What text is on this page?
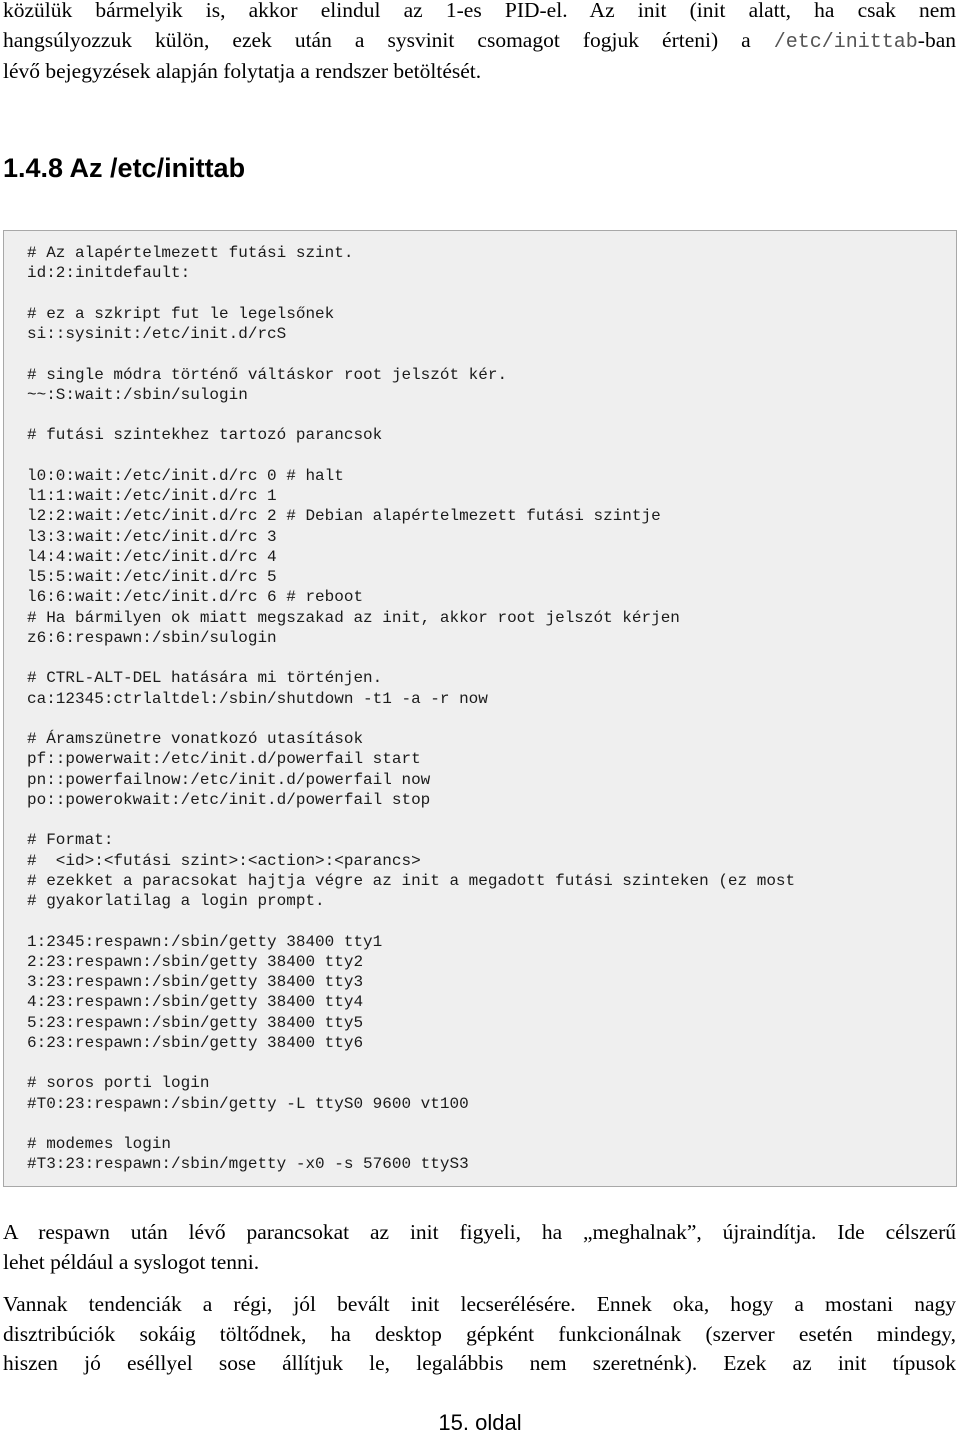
közülük bármelyik is, akkor elindul az 1-es PID-el. Az init (init alatt, ha csak nem
hangsúlyozzuk külön, ezek után a sysvinit csomagot fogjuk érteni) a /etc/inittab-ban
lévő bejegyzések alapján folytatja a rendszer betöltését.
1.4.8 Az /etc/inittab
# Az alapértelmezett futási szint.
id:2:initdefault:
# ez a szkript fut le legelsőnek
si::sysinit:/etc/init.d/rcS
# single módra történő váltáskor root jelszót kér.
~~:S:wait:/sbin/sulogin
# futási szintekhez tartozó parancsok
l0:0:wait:/etc/init.d/rc 0 # halt
l1:1:wait:/etc/init.d/rc 1
l2:2:wait:/etc/init.d/rc 2 # Debian alapértelmezett futási szintje
l3:3:wait:/etc/init.d/rc 3
l4:4:wait:/etc/init.d/rc 4
l5:5:wait:/etc/init.d/rc 5
l6:6:wait:/etc/init.d/rc 6 # reboot
# Ha bármilyen ok miatt megszakad az init, akkor root jelszót kérjen
z6:6:respawn:/sbin/sulogin
# CTRL-ALT-DEL hatására mi történjen.
ca:12345:ctrlaltdel:/sbin/shutdown -t1 -a -r now
# Áramszünetre vonatkozó utasítások
pf::powerwait:/etc/init.d/powerfail start
pn::powerfailnow:/etc/init.d/powerfail now
po::powerokwait:/etc/init.d/powerfail stop
# Format:
#  <id>:<futási szint>:<action>:<parancs>
# ezekket a paracsokat hajtja végre az init a megadott futási szinteken (ez most
# gyakorlatilag a login prompt.
1:2345:respawn:/sbin/getty 38400 tty1
2:23:respawn:/sbin/getty 38400 tty2
3:23:respawn:/sbin/getty 38400 tty3
4:23:respawn:/sbin/getty 38400 tty4
5:23:respawn:/sbin/getty 38400 tty5
6:23:respawn:/sbin/getty 38400 tty6
# soros porti login
#T0:23:respawn:/sbin/getty -L ttyS0 9600 vt100
# modemes login
#T3:23:respawn:/sbin/mgetty -x0 -s 57600 ttyS3
A respawn után lévő parancsokat az init figyeli, ha „meghalnak”, újraindítja. Ide célszerű
lehet például a syslogot tenni.
Vannak tendenciák a régi, jól bevált init lecserélésére. Ennek oka, hogy a mostani nagy
disztribúciók sokáig töltődnek, ha desktop gépként funkcionálnak (szerver esetén mindegy,
hiszen jó eséllyel sose állítjuk le, legalábbis nem szeretnénk). Ezek az init típusok
15. oldal
